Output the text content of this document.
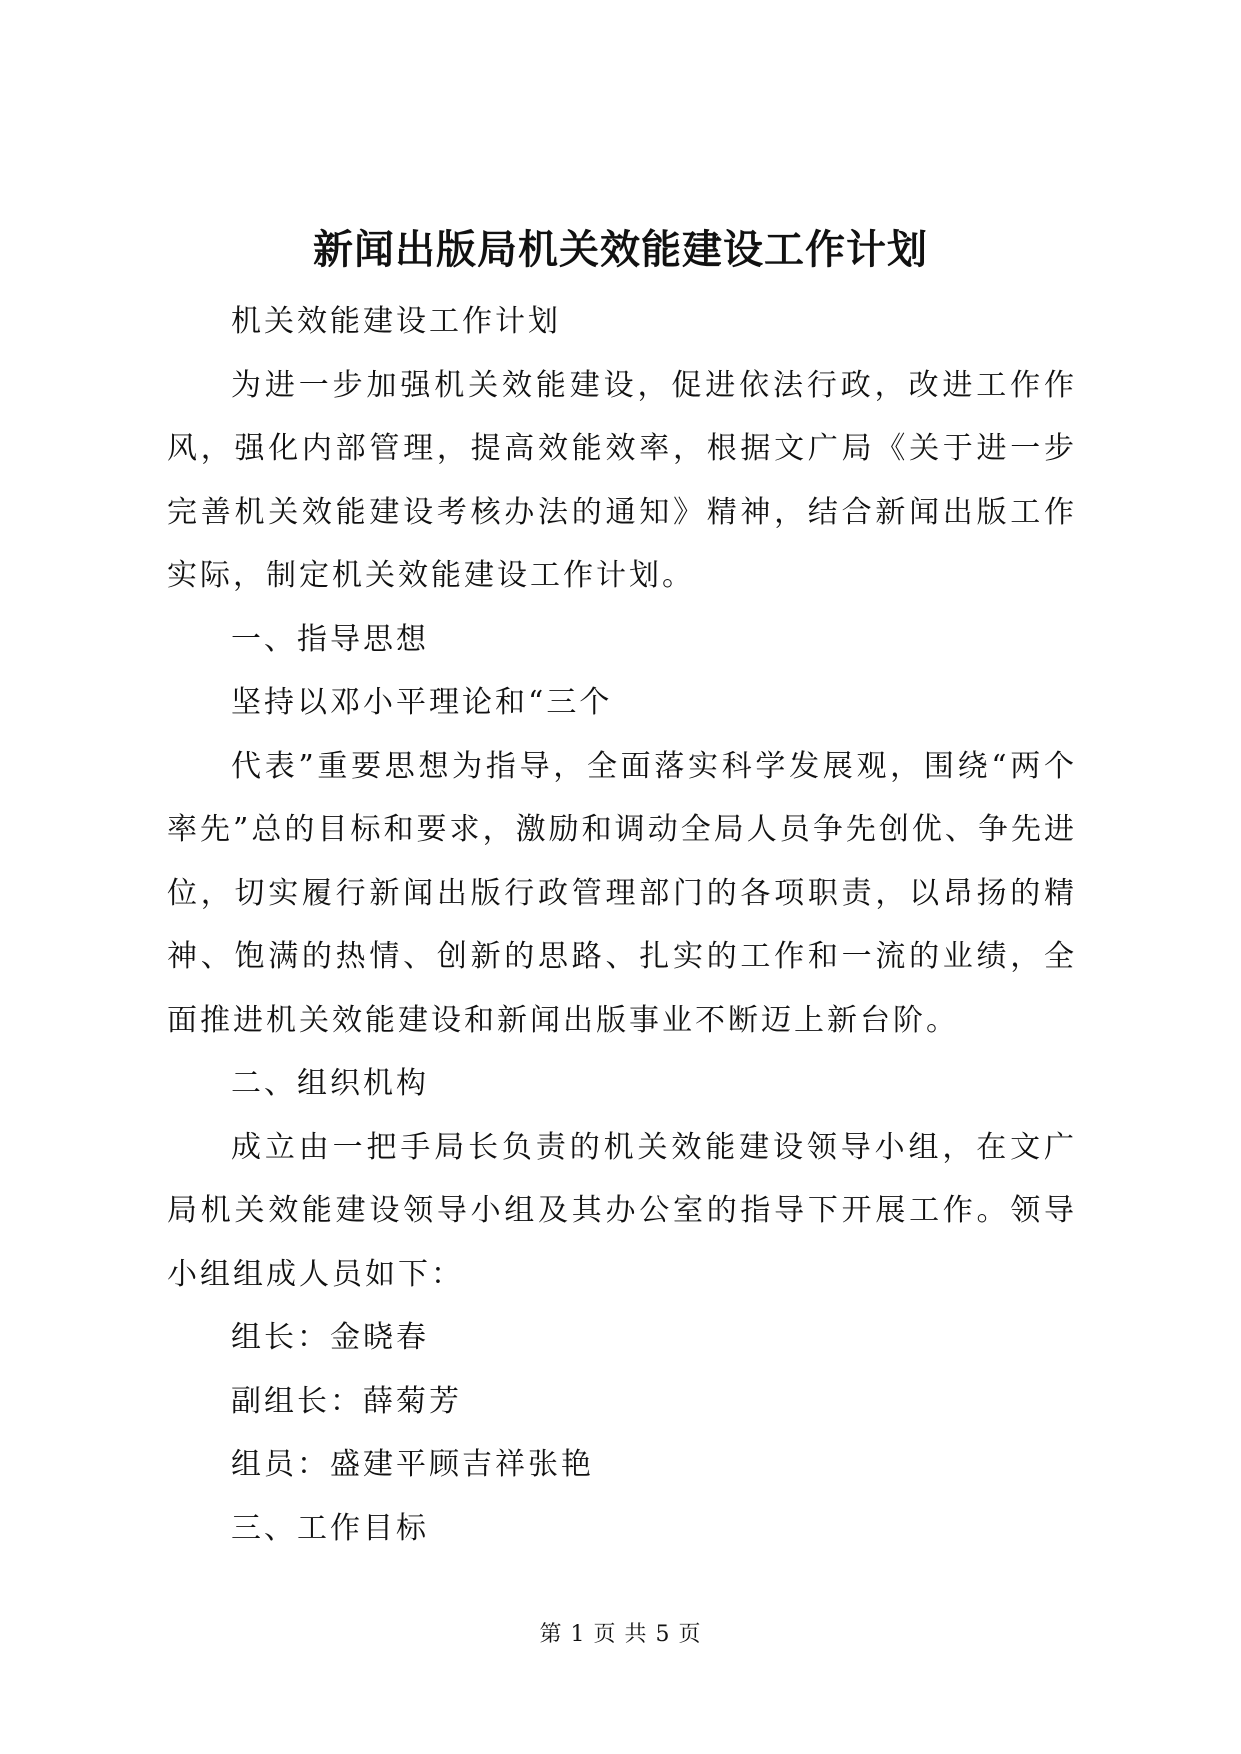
新闻出版局机关效能建设工作计划

机关效能建设工作计划

为进一步加强机关效能建设，促进依法行政，改进工作作风，强化内部管理，提高效能效率，根据文广局《关于进一步完善机关效能建设考核办法的通知》精神，结合新闻出版工作实际，制定机关效能建设工作计划。

一、指导思想

坚持以邓小平理论和“三个

代表”重要思想为指导，全面落实科学发展观，围绕“两个率先”总的目标和要求，激励和调动全局人员争先创优、争先进位，切实履行新闻出版行政管理部门的各项职责，以昂扬的精神、饱满的热情、创新的思路、扎实的工作和一流的业绩，全面推进机关效能建设和新闻出版事业不断迈上新台阶。

二、组织机构

成立由一把手局长负责的机关效能建设领导小组，在文广局机关效能建设领导小组及其办公室的指导下开展工作。领导小组组成人员如下：

组长：金晓春

副组长：薛菊芳

组员：盛建平顾吉祥张艳

三、工作目标

第 1 页 共 5 页
